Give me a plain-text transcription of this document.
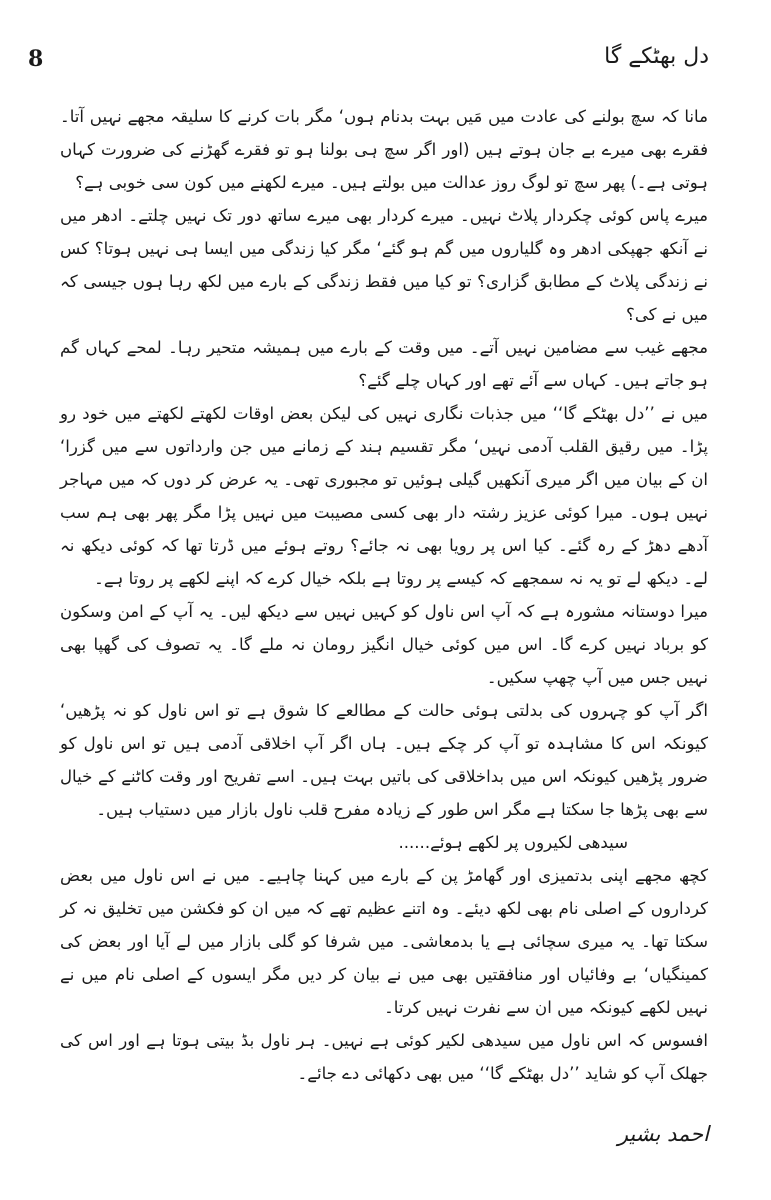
دل بھٹکے گا
8

مانا کہ سچ بولنے کی عادت میں مَیں بہت بدنام ہوں‘ مگر بات کرنے کا سلیقہ مجھے نہیں آتا۔ فقرے بھی میرے بے جان ہوتے ہیں (اور اگر سچ ہی بولنا ہو تو فقرے گھڑنے کی ضرورت کہاں ہوتی ہے۔) پھر سچ تو لوگ روز عدالت میں بولتے ہیں۔ میرے لکھنے میں کون سی خوبی ہے؟

میرے پاس کوئی چکردار پلاٹ نہیں۔ میرے کردار بھی میرے ساتھ دور تک نہیں چلتے۔ ادھر میں نے آنکھ جھپکی ادھر وہ گلیاروں میں گم ہو گئے‘ مگر کیا زندگی میں ایسا ہی نہیں ہوتا؟ کس نے زندگی پلاٹ کے مطابق گزاری؟ تو کیا میں فقط زندگی کے بارے میں لکھ رہا ہوں جیسی کہ میں نے کی؟

مجھے غیب سے مضامین نہیں آتے۔ میں وقت کے بارے میں ہمیشہ متحیر رہا۔ لمحے کہاں گم ہو جاتے ہیں۔ کہاں سے آئے تھے اور کہاں چلے گئے؟

میں نے ’’دل بھٹکے گا‘‘ میں جذبات نگاری نہیں کی لیکن بعض اوقات لکھتے لکھتے میں خود رو پڑا۔ میں رقیق القلب آدمی نہیں‘ مگر تقسیم ہند کے زمانے میں جن وارداتوں سے میں گزرا‘ ان کے بیان میں اگر میری آنکھیں گیلی ہوئیں تو مجبوری تھی۔ یہ عرض کر دوں کہ میں مہاجر نہیں ہوں۔ میرا کوئی عزیز رشتہ دار بھی کسی مصیبت میں نہیں پڑا مگر پھر بھی ہم سب آدھے دھڑ کے رہ گئے۔ کیا اس پر رویا بھی نہ جائے؟ روتے ہوئے میں ڈرتا تھا کہ کوئی دیکھ نہ لے۔ دیکھ لے تو یہ نہ سمجھے کہ کیسے پر روتا ہے بلکہ خیال کرے کہ اپنے لکھے پر روتا ہے۔

میرا دوستانہ مشورہ ہے کہ آپ اس ناول کو کہیں نہیں سے دیکھ لیں۔ یہ آپ کے امن وسکون کو برباد نہیں کرے گا۔ اس میں کوئی خیال انگیز رومان نہ ملے گا۔ یہ تصوف کی گھپا بھی نہیں جس میں آپ چھپ سکیں۔

اگر آپ کو چہروں کی بدلتی ہوئی حالت کے مطالعے کا شوق ہے تو اس ناول کو نہ پڑھیں‘ کیونکہ اس کا مشاہدہ تو آپ کر چکے ہیں۔ ہاں اگر آپ اخلاقی آدمی ہیں تو اس ناول کو ضرور پڑھیں کیونکہ اس میں بداخلاقی کی باتیں بہت ہیں۔ اسے تفریح اور وقت کاٹنے کے خیال سے بھی پڑھا جا سکتا ہے مگر اس طور کے زیادہ مفرح قلب ناول بازار میں دستیاب ہیں۔

سیدھی لکیروں پر لکھے ہوئے......

کچھ مجھے اپنی بدتمیزی اور گھامڑ پن کے بارے میں کہنا چاہیے۔ میں نے اس ناول میں بعض کرداروں کے اصلی نام بھی لکھ دیئے۔ وہ اتنے عظیم تھے کہ میں ان کو فکشن میں تخلیق نہ کر سکتا تھا۔ یہ میری سچائی ہے یا بدمعاشی۔ میں شرفا کو گلی بازار میں لے آیا اور بعض کی کمینگیاں‘ بے وفائیاں اور منافقتیں بھی میں نے بیان کر دیں مگر ایسوں کے اصلی نام میں نے نہیں لکھے کیونکہ میں ان سے نفرت نہیں کرتا۔

افسوس کہ اس ناول میں سیدھی لکیر کوئی ہے نہیں۔ ہر ناول بڈ بیتی ہوتا ہے اور اس کی جھلک آپ کو شاید ’’دل بھٹکے گا‘‘ میں بھی دکھائی دے جائے۔

احمد بشیر
